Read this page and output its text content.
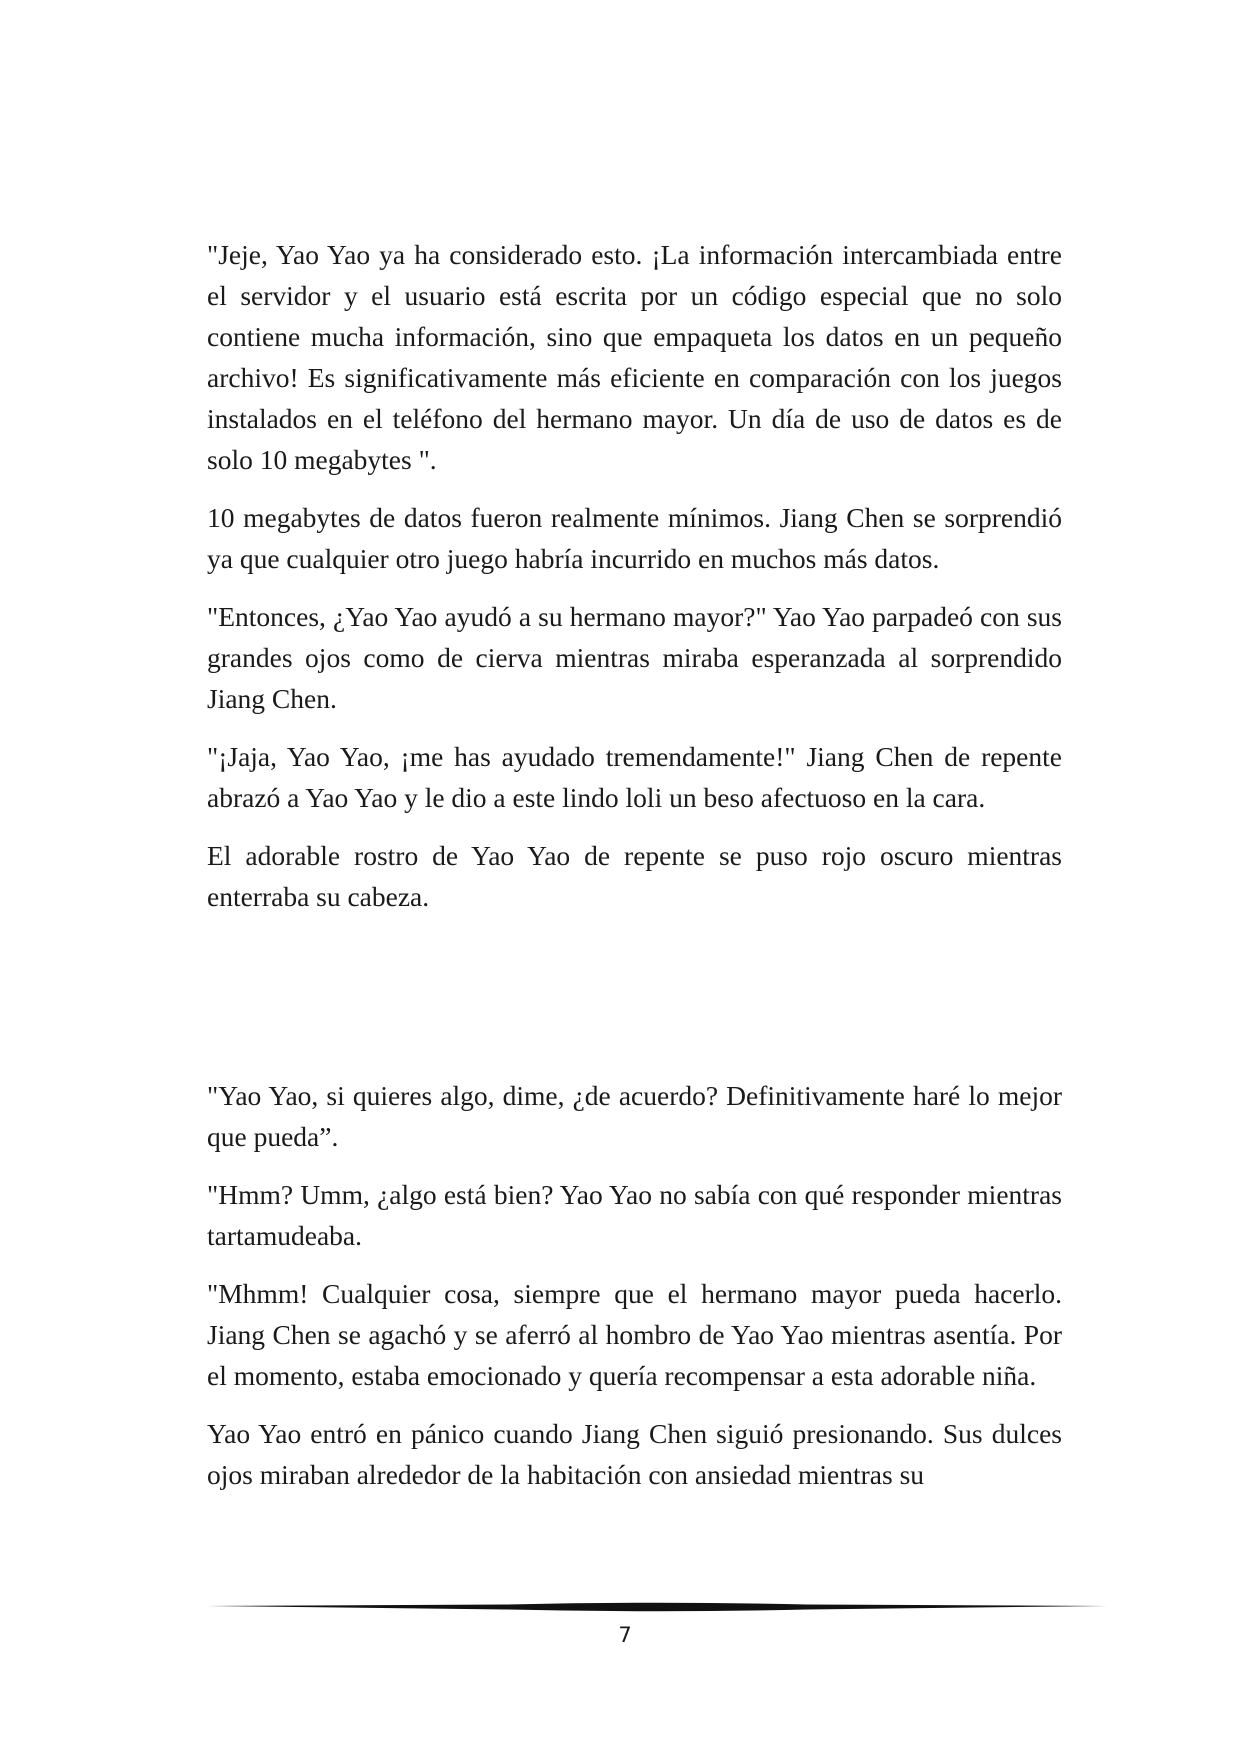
"Jeje, Yao Yao ya ha considerado esto. ¡La información intercambiada entre el servidor y el usuario está escrita por un código especial que no solo contiene mucha información, sino que empaqueta los datos en un pequeño archivo! Es significativamente más eficiente en comparación con los juegos instalados en el teléfono del hermano mayor. Un día de uso de datos es de solo 10 megabytes ".

10 megabytes de datos fueron realmente mínimos. Jiang Chen se sorprendió ya que cualquier otro juego habría incurrido en muchos más datos.

"Entonces, ¿Yao Yao ayudó a su hermano mayor?" Yao Yao parpadeó con sus grandes ojos como de cierva mientras miraba esperanzada al sorprendido Jiang Chen.

"¡Jaja, Yao Yao, ¡me has ayudado tremendamente!" Jiang Chen de repente abrazó a Yao Yao y le dio a este lindo loli un beso afectuoso en la cara.

El adorable rostro de Yao Yao de repente se puso rojo oscuro mientras enterraba su cabeza.

"Yao Yao, si quieres algo, dime, ¿de acuerdo? Definitivamente haré lo mejor que pueda”.

"Hmm? Umm, ¿algo está bien? Yao Yao no sabía con qué responder mientras tartamudeaba.

"Mhmm! Cualquier cosa, siempre que el hermano mayor pueda hacerlo. Jiang Chen se agachó y se aferró al hombro de Yao Yao mientras asentía. Por el momento, estaba emocionado y quería recompensar a esta adorable niña.

Yao Yao entró en pánico cuando Jiang Chen siguió presionando. Sus dulces ojos miraban alrededor de la habitación con ansiedad mientras su

7
